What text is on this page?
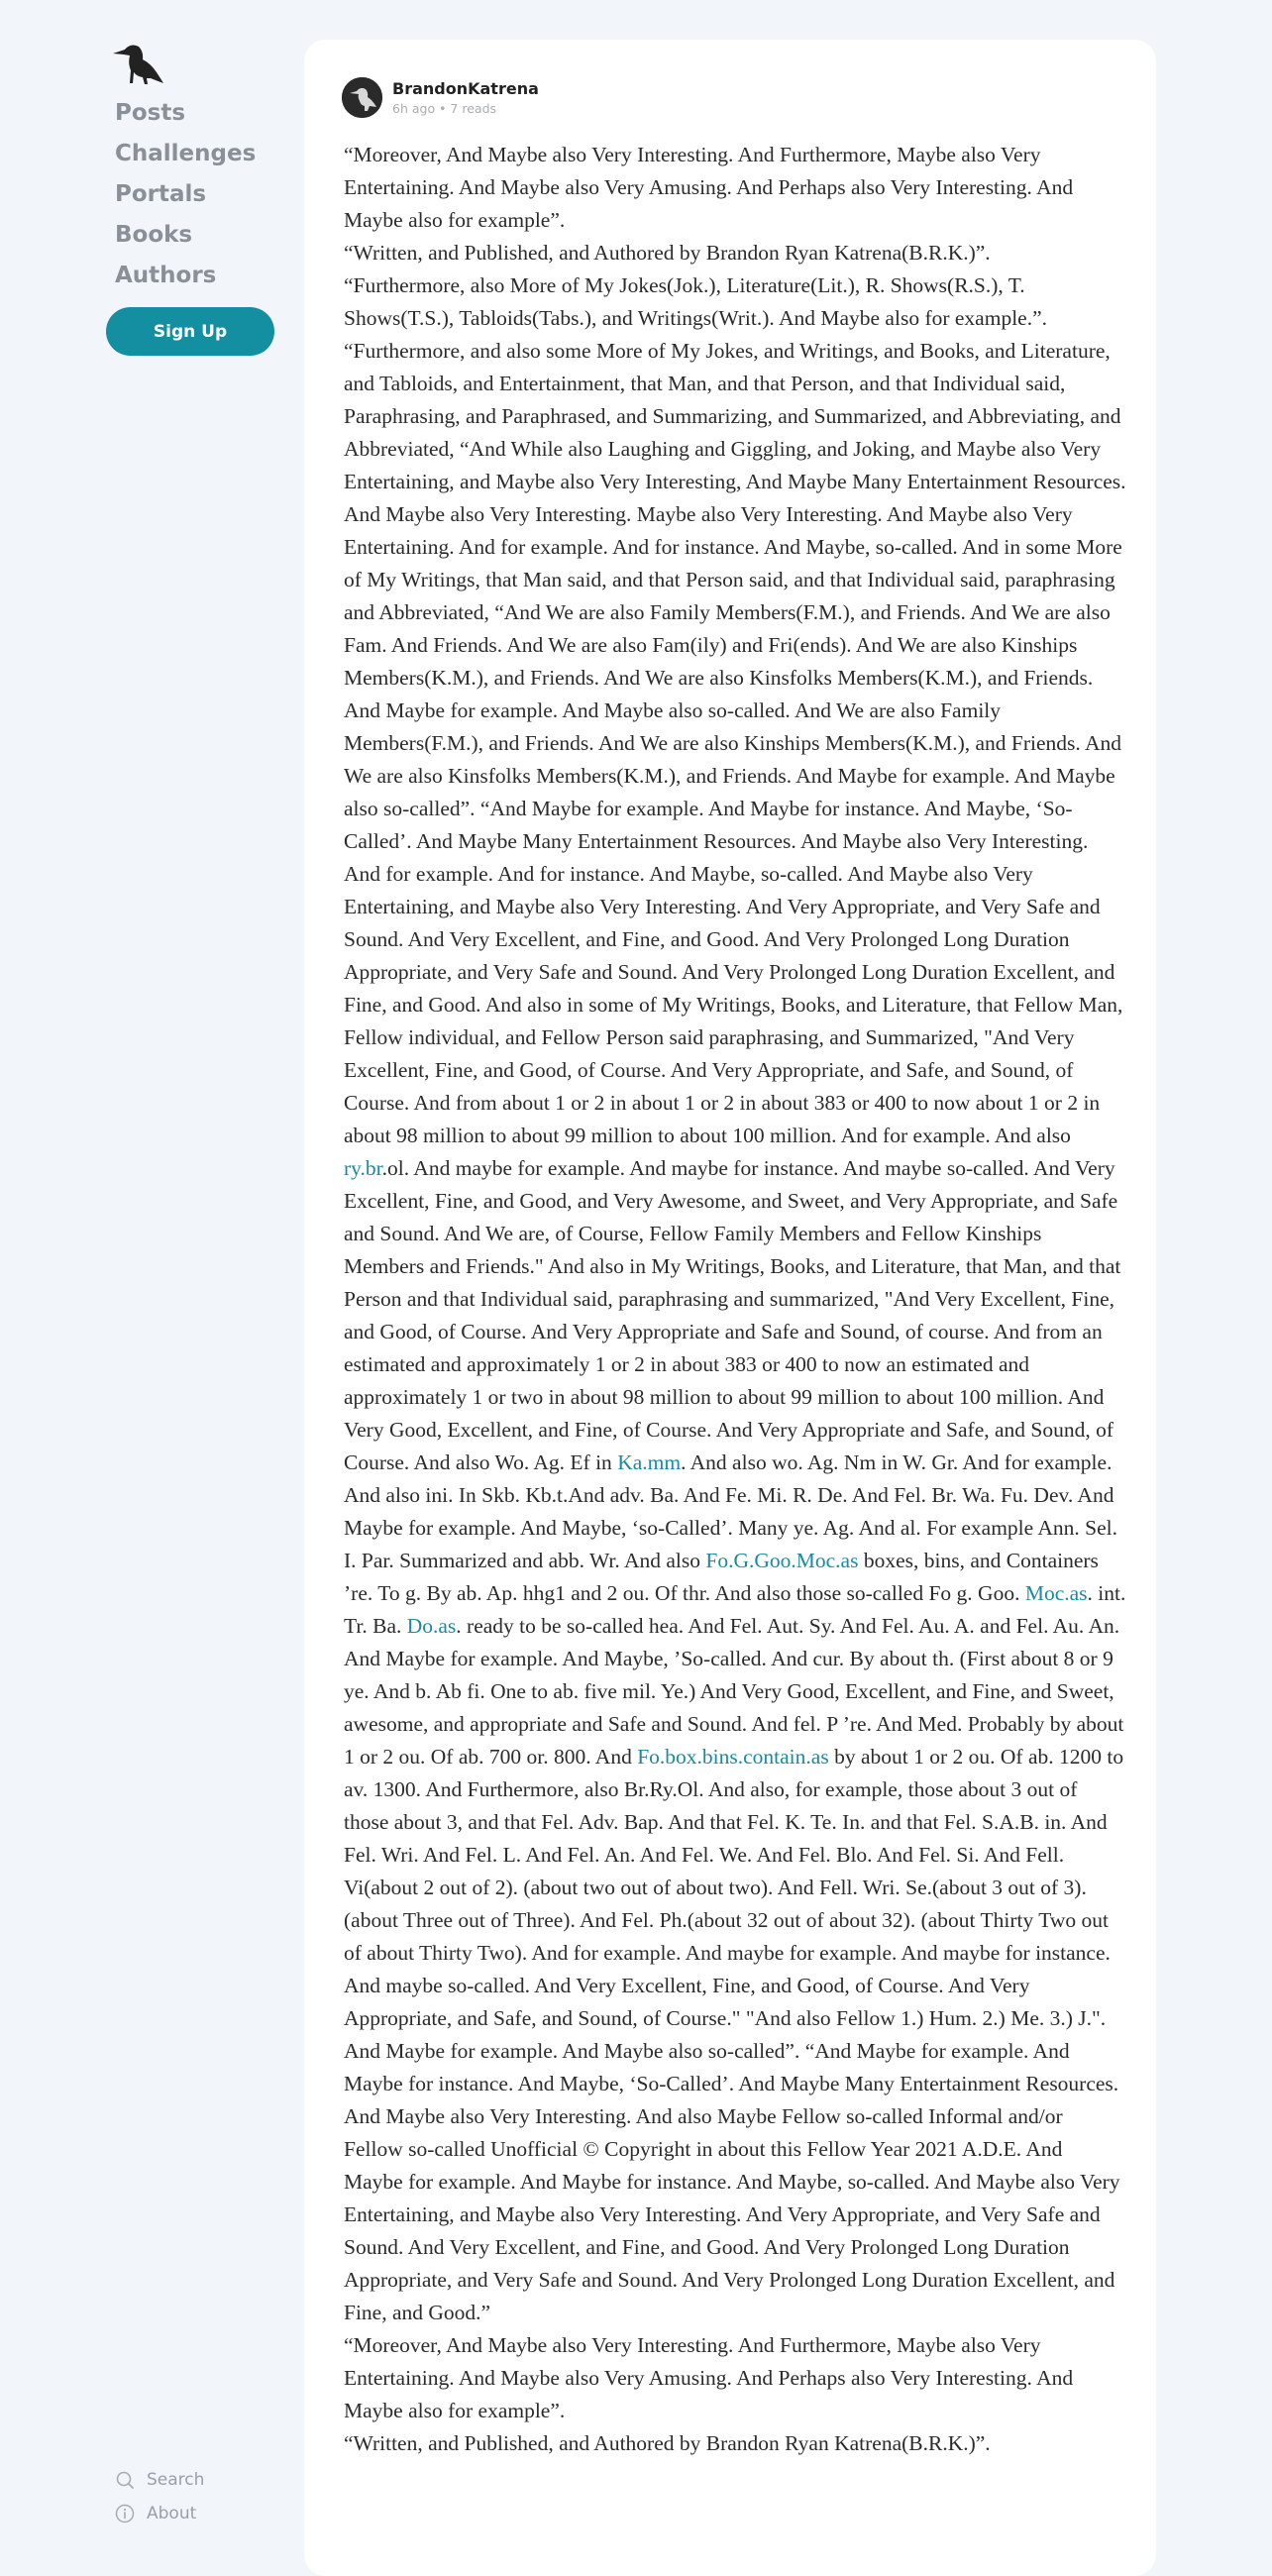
Posts
Challenges
Portals
Books
Authors
Sign Up
Search
About
BrandonKatrena
6h ago • 7 reads

“Moreover, And Maybe also Very Interesting. And Furthermore, Maybe also Very Entertaining. And Maybe also Very Amusing. And Perhaps also Very Interesting. And Maybe also for example”.

“Written, and Published, and Authored by Brandon Ryan Katrena(B.R.K.)”.

“Furthermore, also More of My Jokes(Jok.), Literature(Lit.), R. Shows(R.S.), T. Shows(T.S.), Tabloids(Tabs.), and Writings(Writ.). And Maybe also for example.”.

“Furthermore, and also some More of My Jokes, and Writings, and Books, and Literature, and Tabloids, and Entertainment, that Man, and that Person, and that Individual said, Paraphrasing, and Paraphrased, and Summarizing, and Summarized, and Abbreviating, and Abbreviated, “And While also Laughing and Giggling, and Joking, and Maybe also Very Entertaining, and Maybe also Very Interesting, And Maybe Many Entertainment Resources. And Maybe also Very Interesting. Maybe also Very Interesting. And Maybe also Very Entertaining. And for example. And for instance. And Maybe, so-called. And in some More of My Writings, that Man said, and that Person said, and that Individual said, paraphrasing and Abbreviated, “And We are also Family Members(F.M.), and Friends. And We are also Fam. And Friends. And We are also Fam(ily) and Fri(ends). And We are also Kinships Members(K.M.), and Friends. And We are also Kinsfolks Members(K.M.), and Friends. And Maybe for example. And Maybe also so-called. And We are also Family Members(F.M.), and Friends. And We are also Kinships Members(K.M.), and Friends. And We are also Kinsfolks Members(K.M.), and Friends. And Maybe for example. And Maybe also so-called”. “And Maybe for example. And Maybe for instance. And Maybe, ‘So-Called’. And Maybe Many Entertainment Resources. And Maybe also Very Interesting. And for example. And for instance. And Maybe, so-called. And Maybe also Very Entertaining, and Maybe also Very Interesting. And Very Appropriate, and Very Safe and Sound. And Very Excellent, and Fine, and Good. And Very Prolonged Long Duration Appropriate, and Very Safe and Sound. And Very Prolonged Long Duration Excellent, and Fine, and Good. And also in some of My Writings, Books, and Literature, that Fellow Man, Fellow individual, and Fellow Person said paraphrasing, and Summarized, "And Very Excellent, Fine, and Good, of Course. And Very Appropriate, and Safe, and Sound, of Course. And from about 1 or 2 in about 1 or 2 in about 383 or 400 to now about 1 or 2 in about 98 million to about 99 million to about 100 million. And for example. And also ry.br.ol. And maybe for example. And maybe for instance. And maybe so-called. And Very Excellent, Fine, and Good, and Very Awesome, and Sweet, and Very Appropriate, and Safe and Sound. And We are, of Course, Fellow Family Members and Fellow Kinships Members and Friends." And also in My Writings, Books, and Literature, that Man, and that Person and that Individual said, paraphrasing and summarized, "And Very Excellent, Fine, and Good, of Course. And Very Appropriate and Safe and Sound, of course. And from an estimated and approximately 1 or 2 in about 383 or 400 to now an estimated and approximately 1 or two in about 98 million to about 99 million to about 100 million. And Very Good, Excellent, and Fine, of Course. And Very Appropriate and Safe, and Sound, of Course. And also Wo. Ag. Ef in Ka.mm. And also wo. Ag. Nm in W. Gr. And for example. And also ini. In Skb. Kb.t.And adv. Ba. And Fe. Mi. R. De. And Fel. Br. Wa. Fu. Dev. And Maybe for example. And Maybe, ‘so-Called’. Many ye. Ag. And al. For example Ann. Sel. I. Par. Summarized and abb. Wr. And also Fo.G.Goo.Moc.as boxes, bins, and Containers ’re. To g. By ab. Ap. hhg1 and 2 ou. Of thr. And also those so-called Fo g. Goo. Moc.as. int. Tr. Ba. Do.as. ready to be so-called hea. And Fel. Aut. Sy. And Fel. Au. A. and Fel. Au. An. And Maybe for example. And Maybe, ’So-called. And cur. By about th. (First about 8 or 9 ye. And b. Ab fi. One to ab. five mil. Ye.) And Very Good, Excellent, and Fine, and Sweet, awesome, and appropriate and Safe and Sound. And fel. P ’re. And Med. Probably by about 1 or 2 ou. Of ab. 700 or. 800. And Fo.box.bins.contain.as by about 1 or 2 ou. Of ab. 1200 to av. 1300. And Furthermore, also Br.Ry.Ol. And also, for example, those about 3 out of those about 3, and that Fel. Adv. Bap. And that Fel. K. Te. In. and that Fel. S.A.B. in. And Fel. Wri. And Fel. L. And Fel. An. And Fel. We. And Fel. Blo. And Fel. Si. And Fell. Vi(about 2 out of 2). (about two out of about two). And Fell. Wri. Se.(about 3 out of 3). (about Three out of Three). And Fel. Ph.(about 32 out of about 32). (about Thirty Two out of about Thirty Two). And for example. And maybe for example. And maybe for instance. And maybe so-called. And Very Excellent, Fine, and Good, of Course. And Very Appropriate, and Safe, and Sound, of Course." "And also Fellow 1.) Hum. 2.) Me. 3.) J.". And Maybe for example. And Maybe also so-called”. “And Maybe for example. And Maybe for instance. And Maybe, ‘So-Called’. And Maybe Many Entertainment Resources. And Maybe also Very Interesting. And also Maybe Fellow so-called Informal and/or Fellow so-called Unofficial © Copyright in about this Fellow Year 2021 A.D.E. And Maybe for example. And Maybe for instance. And Maybe, so-called. And Maybe also Very Entertaining, and Maybe also Very Interesting. And Very Appropriate, and Very Safe and Sound. And Very Excellent, and Fine, and Good. And Very Prolonged Long Duration Appropriate, and Very Safe and Sound. And Very Prolonged Long Duration Excellent, and Fine, and Good.”

“Moreover, And Maybe also Very Interesting. And Furthermore, Maybe also Very Entertaining. And Maybe also Very Amusing. And Perhaps also Very Interesting. And Maybe also for example”.

“Written, and Published, and Authored by Brandon Ryan Katrena(B.R.K.)”.
